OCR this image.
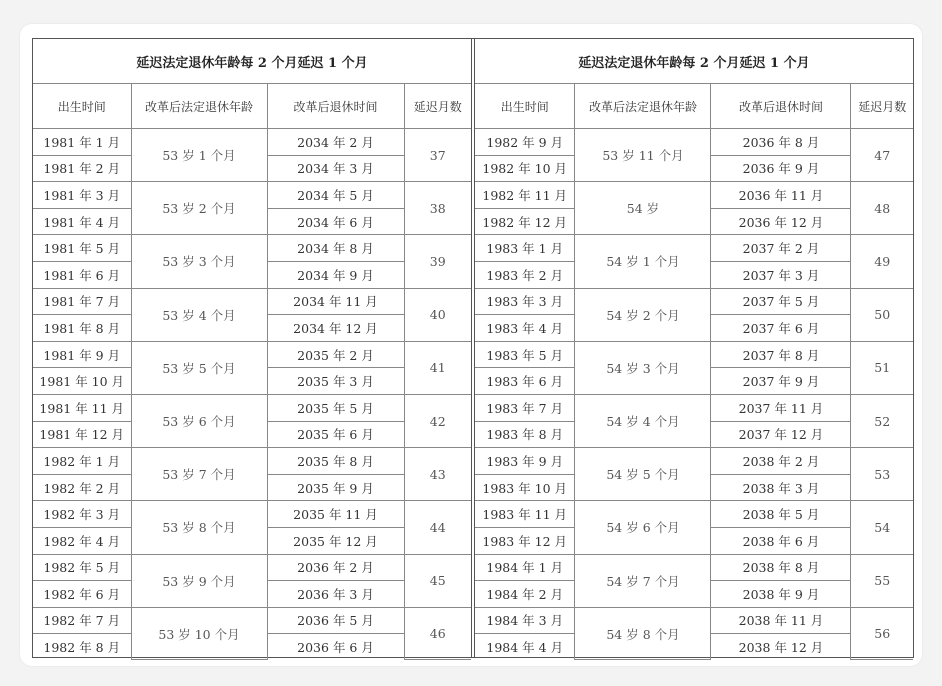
延迟法定退休年龄每 2 个月延迟 1 个月			
出生时间	改革后法定退休年龄	改革后退休时间	延迟月数
1981 年 1 月	53 岁 1 个月	2034 年 2 月	37
1981 年 2 月		2034 年 3 月	
1981 年 3 月	53 岁 2 个月	2034 年 5 月	38
1981 年 4 月		2034 年 6 月	
1981 年 5 月	53 岁 3 个月	2034 年 8 月	39
1981 年 6 月		2034 年 9 月	
1981 年 7 月	53 岁 4 个月	2034 年 11 月	40
1981 年 8 月		2034 年 12 月	
1981 年 9 月	53 岁 5 个月	2035 年 2 月	41
1981 年 10 月		2035 年 3 月	
1981 年 11 月	53 岁 6 个月	2035 年 5 月	42
1981 年 12 月		2035 年 6 月	
1982 年 1 月	53 岁 7 个月	2035 年 8 月	43
1982 年 2 月		2035 年 9 月	
1982 年 3 月	53 岁 8 个月	2035 年 11 月	44
1982 年 4 月		2035 年 12 月	
1982 年 5 月	53 岁 9 个月	2036 年 2 月	45
1982 年 6 月		2036 年 3 月	
1982 年 7 月	53 岁 10 个月	2036 年 5 月	46
1982 年 8 月		2036 年 6 月	
延迟法定退休年龄每 2 个月延迟 1 个月			
出生时间	改革后法定退休年龄	改革后退休时间	延迟月数
1982 年 9 月	53 岁 11 个月	2036 年 8 月	47
1982 年 10 月		2036 年 9 月	
1982 年 11 月	54 岁	2036 年 11 月	48
1982 年 12 月		2036 年 12 月	
1983 年 1 月	54 岁 1 个月	2037 年 2 月	49
1983 年 2 月		2037 年 3 月	
1983 年 3 月	54 岁 2 个月	2037 年 5 月	50
1983 年 4 月		2037 年 6 月	
1983 年 5 月	54 岁 3 个月	2037 年 8 月	51
1983 年 6 月		2037 年 9 月	
1983 年 7 月	54 岁 4 个月	2037 年 11 月	52
1983 年 8 月		2037 年 12 月	
1983 年 9 月	54 岁 5 个月	2038 年 2 月	53
1983 年 10 月		2038 年 3 月	
1983 年 11 月	54 岁 6 个月	2038 年 5 月	54
1983 年 12 月		2038 年 6 月	
1984 年 1 月	54 岁 7 个月	2038 年 8 月	55
1984 年 2 月		2038 年 9 月	
1984 年 3 月	54 岁 8 个月	2038 年 11 月	56
1984 年 4 月		2038 年 12 月	
